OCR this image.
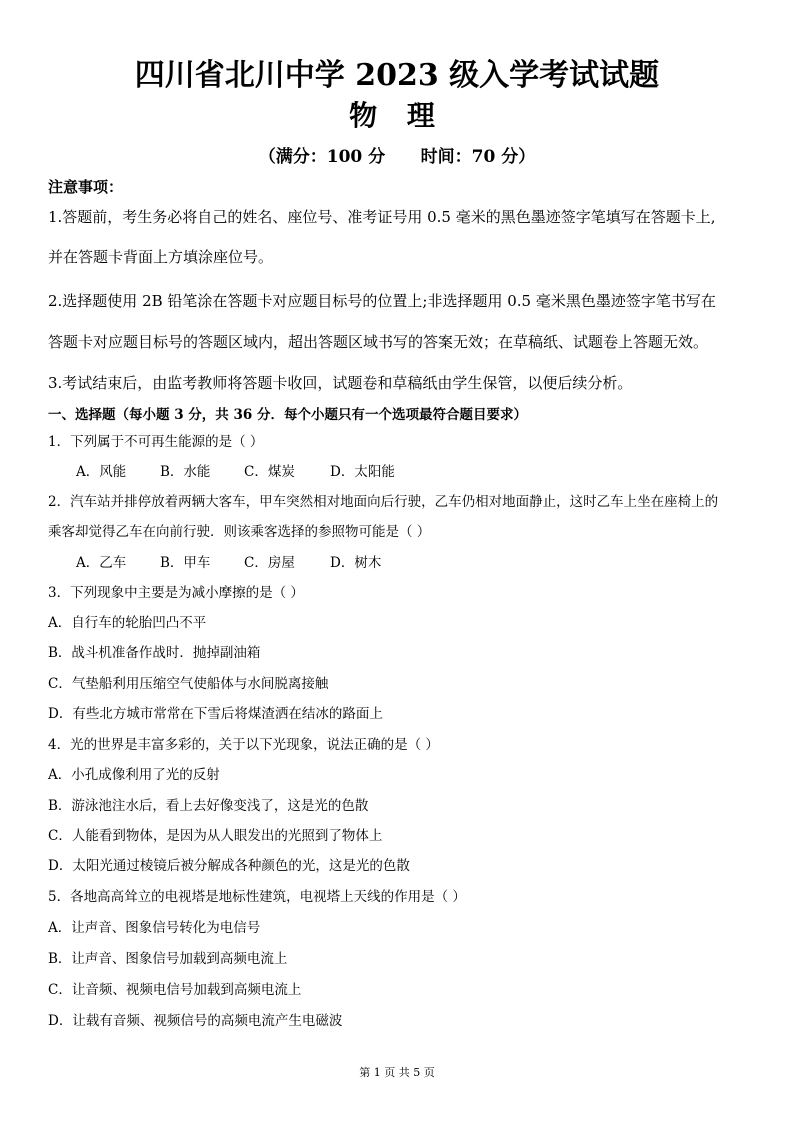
四川省北川中学 2023 级入学考试试题
物 理
（满分：100 分      时间：70 分）
注意事项：
1.答题前，考生务必将自己的姓名、座位号、准考证号用 0.5 毫米的黑色墨迹签字笔填写在答题卡上,
并在答题卡背面上方填涂座位号。
2.选择题使用 2B 铅笔涂在答题卡对应题目标号的位置上;非选择题用 0.5 毫米黑色墨迹签字笔书写在
答题卡对应题目标号的答题区域内，超出答题区域书写的答案无效；在草稿纸、试题卷上答题无效。
3.考试结束后，由监考教师将答题卡收回，试题卷和草稿纸由学生保管，以便后续分析。
一、选择题（每小题 3 分，共 36 分．每个小题只有一个选项最符合题目要求）
1．下列属于不可再生能源的是（ ）
A．风能	B．水能 C．煤炭	D．太阳能
2．汽车站并排停放着两辆大客车，甲车突然相对地面向后行驶，乙车仍相对地面静止，这时乙车上坐在座椅上的
乘客却觉得乙车在向前行驶．则该乘客选择的参照物可能是（ ）
A．乙车	B．甲车 C．房屋	D．树木
3．下列现象中主要是为减小摩擦的是（ ）
A．自行车的轮胎凹凸不平
B．战斗机准备作战时．抛掉副油箱
C．气垫船利用压缩空气使船体与水间脱离接触
D．有些北方城市常常在下雪后将煤渣洒在结冰的路面上
4．光的世界是丰富多彩的，关于以下光现象，说法正确的是（ ）
A．小孔成像利用了光的反射
B．游泳池注水后，看上去好像变浅了，这是光的色散
C．人能看到物体，是因为从人眼发出的光照到了物体上
D．太阳光通过棱镜后被分解成各种颜色的光，这是光的色散
5．各地高高耸立的电视塔是地标性建筑，电视塔上天线的作用是（ ）
A．让声音、图象信号转化为电信号
B．让声音、图象信号加载到高频电流上
C．让音频、视频电信号加载到高频电流上
D．让载有音频、视频信号的高频电流产生电磁波
第 1 页 共 5 页
